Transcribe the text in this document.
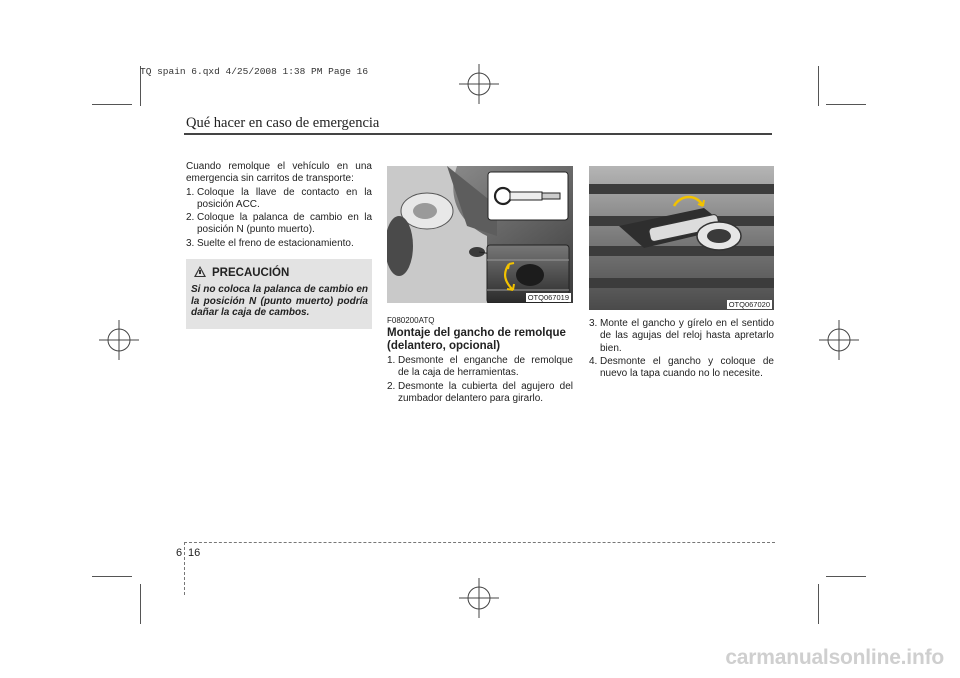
TQ spain 6.qxd 4/25/2008 1:38 PM Page 16
Qué hacer en caso de emergencia

Cuando remolque el vehículo en una emergencia sin carritos de transporte:

1. Coloque la llave de contacto en la posición ACC.
2. Coloque la palanca de cambio en la posición N (punto muerto).
3. Suelte el freno de estacionamiento.
PRECAUCIÓN
Si no coloca la palanca de cambio en la posición N (punto muerto) podría dañar la caja de cambos.
OTQ067019
OTQ067020
F080200ATQ
Montaje del gancho de remolque (delantero, opcional)
1. Desmonte el enganche de remolque de la caja de herramientas.
2. Desmonte la cubierta del agujero del zumbador delantero para girarlo.
3. Monte el gancho y gírelo en el sentido de las agujas del reloj hasta apretarlo bien.
4. Desmonte el gancho y coloque de nuevo la tapa cuando no lo necesite.
6 16
carmanualsonline.info
